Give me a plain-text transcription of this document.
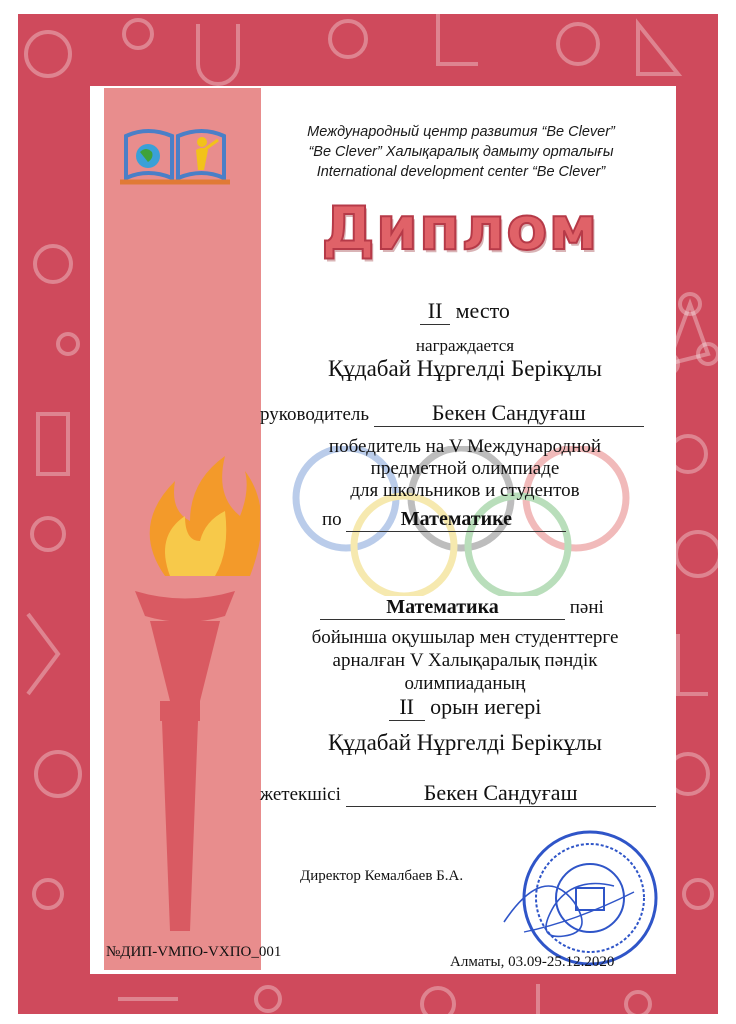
Международный центр развития “Be Clever”
“Be Clever” Халықаралық дамыту орталығы
International development center “Be Clever”
Диплом
II место
награждается
Құдабай Нұргелді Берікұлы
руководитель	Бекен Сандуғаш
победитель на V Международной
предметной олимпиаде
для школьников и студентов
по	Математике
Математика	пәні
бойынша оқушылар мен студенттерге
арналған V Халықаралық пәндік
олимпиаданың
II орын иегері
Құдабай Нұргелді Берікұлы
жетекшісі	Бекен Сандуғаш
Директор Кемалбаев Б.А.
№ДИП-VМПО-VХПО_001
Алматы, 03.09-25.12.2020
